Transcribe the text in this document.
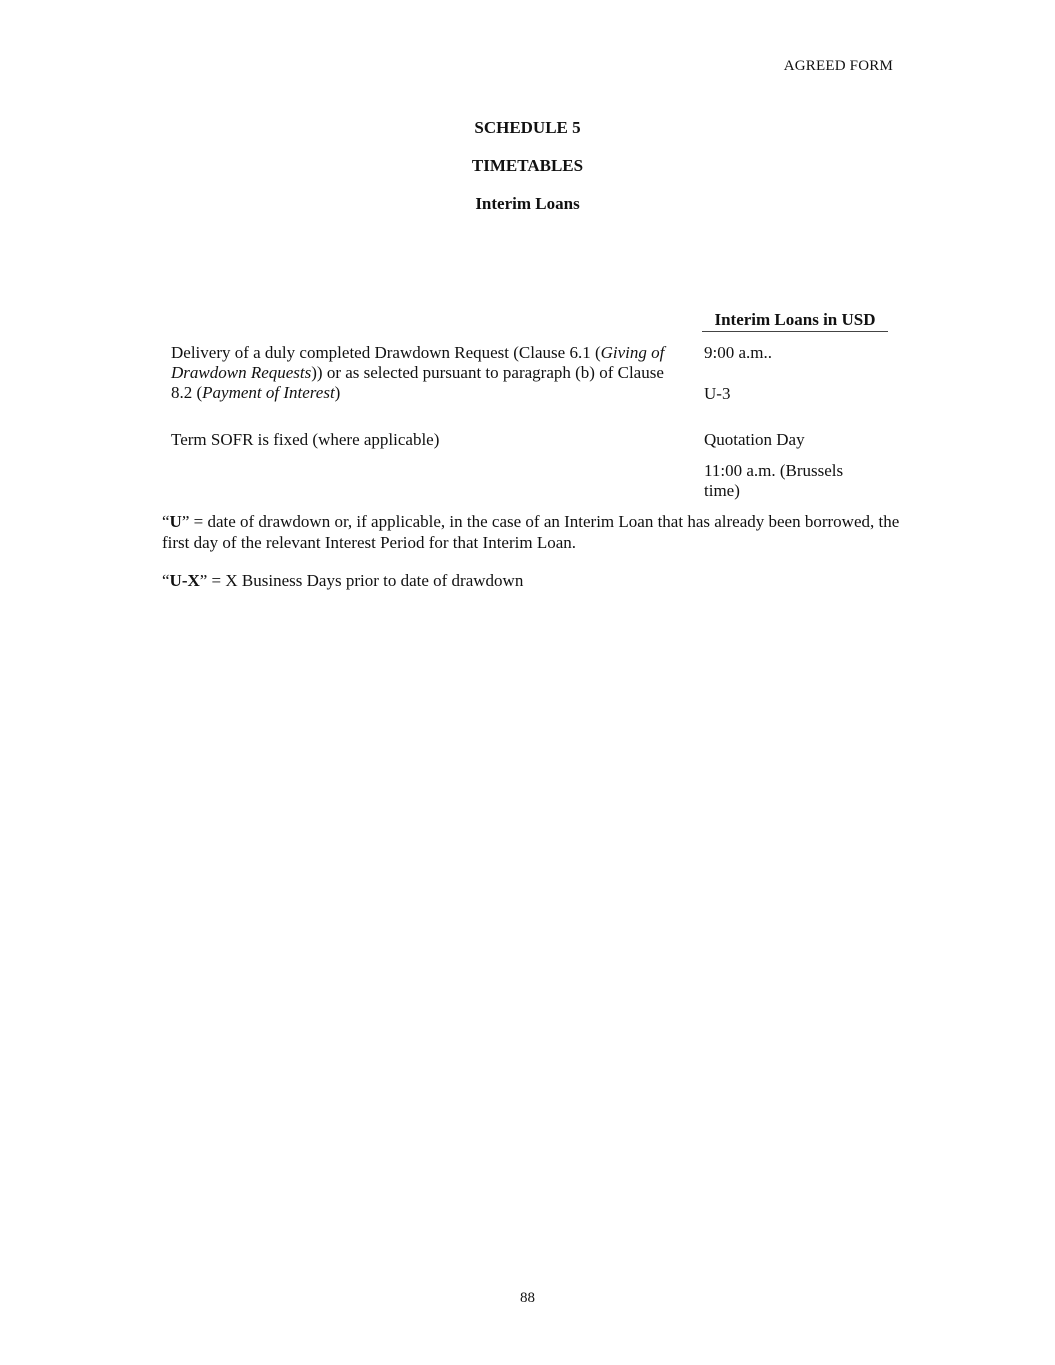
AGREED FORM
SCHEDULE 5
TIMETABLES
Interim Loans
Interim Loans in USD
Delivery of a duly completed Drawdown Request (Clause 6.1 (Giving of Drawdown Requests)) or as selected pursuant to paragraph (b) of Clause 8.2 (Payment of Interest)
9:00 a.m..
U-3
Term SOFR is fixed (where applicable)	Quotation Day
11:00 a.m. (Brussels time)
“U” = date of drawdown or, if applicable, in the case of an Interim Loan that has already been borrowed, the first day of the relevant Interest Period for that Interim Loan.
“U-X” = X Business Days prior to date of drawdown
88
